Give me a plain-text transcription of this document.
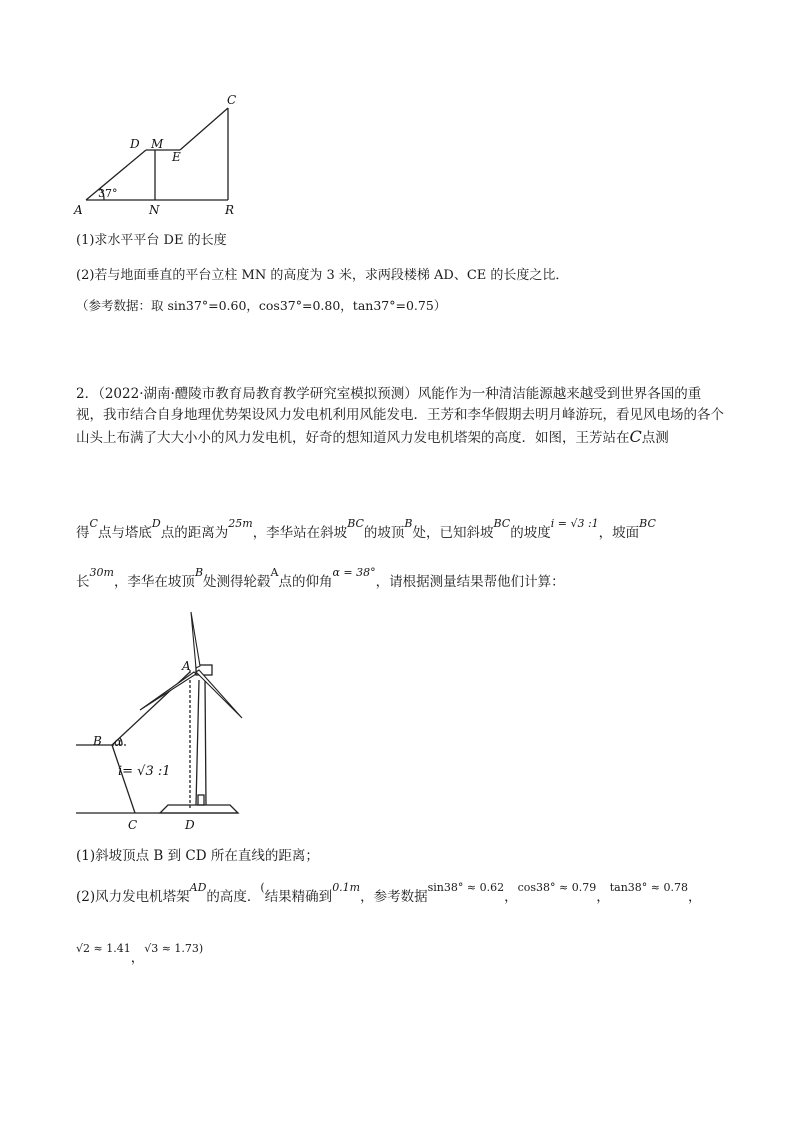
A
D M
E
C
N	R
37°
(1)求水平平台 DE 的长度
(2)若与地面垂直的平台立柱 MN 的高度为 3 米，求两段楼梯 AD、CE 的长度之比．
（参考数据：取 sin37°=0.60，cos37°=0.80，tan37°=0.75）
2．（2022·湖南·醴陵市教育局教育教学研究室模拟预测）风能作为一种清洁能源越来越受到世界各国的重视，我市结合自身地理优势架设风力发电机利用风能发电．王芳和李华假期去明月峰游玩，看见风电场的各个山头上布满了大大小小的风力发电机，好奇的想知道风力发电机塔架的高度．如图，王芳站在C点测
得$^C$点与塔底$^D$点的距离为$^{25m}$，李华站在斜坡$^{BC}$的坡顶$^B$处，已知斜坡$^{BC}$的坡度$^{i = √3 :1}$，坡面$^{BC}$
长$^{30m}$，李华在坡顶$^B$处测得轮毂$^A$点的仰角$^{\alpha = 38^\circ}$，请根据测量结果帮他们计算：
A
B α
C	D
i= √3 :1
(1)斜坡顶点 B 到 CD 所在直线的距离；
(2)风力发电机塔架$^{AD}$的高度．(结果精确到$^{0.1m}$，参考数据$^{sin38^\circ \approx 0.62}$，$^{cos38^\circ \approx 0.79}$，$^{tan38^\circ \approx 0.78}$，
$^{√2 \approx 1.41}$，$^{√3 \approx 1.73)}$
